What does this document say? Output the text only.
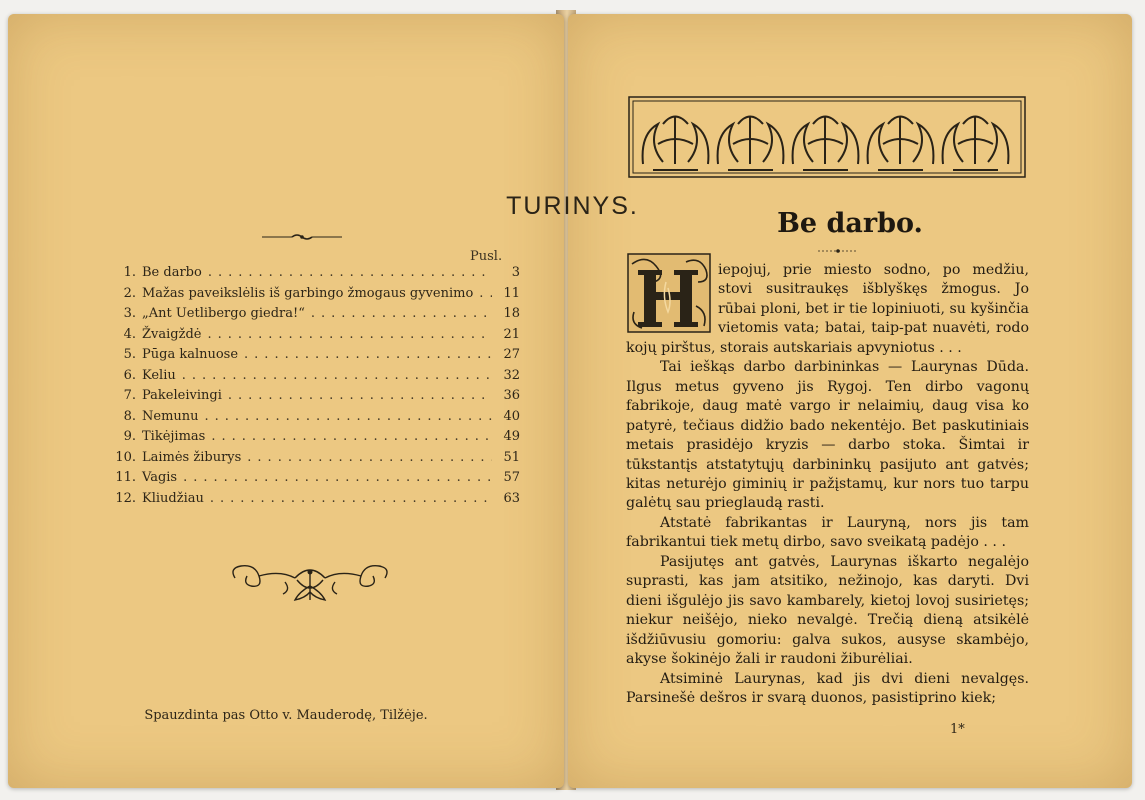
TURINYS.
Pusl.
1. Be darbo .....	3
2. Mažas paveikslėlis iš garbingo žmogaus gyvenimo .....	11
3. „Ant Uetlibergo giedra!“ .....	18
4. Žvaigždė .....	21
5. Pūga kalnuose .....	27
6. Keliu .....	32
7. Pakeleivingi .....	36
8. Nemunu .....	40
9. Tikėjimas .....	49
10. Laimės žiburys .....	51
11. Vagis .....	57
12. Kliudžiau .....	63
Spauzdinta pas Otto v. Mauderodę, Tilžėje.
Be darbo.

iepojuj, prie miesto sodno, po medžiu, stovi susitraukęs išblyškęs žmogus. Jo rūbai ploni, bet ir tie lopiniuoti, su kyšinčia vietomis vata; batai, taip-pat nuavėti, rodo kojų pirštus, storais autskariais apvyniotus . . .

Tai ieškąs darbo darbininkas — Laurynas Dūda. Ilgus metus gyveno jis Rygoj. Ten dirbo vagonų fabrikoje, daug matė vargo ir nelaimių, daug visa ko patyrė, tečiaus didžio bado nekentėjo. Bet paskutiniais metais prasidėjo kryzis — darbo stoka. Šimtai ir tūkstantįs atstatytųjų darbininkų pasijuto ant gatvės; kitas neturėjo giminių ir pažįstamų, kur nors tuo tarpu galėtų sau prieglaudą rasti.

Atstatė fabrikantas ir Lauryną, nors jis tam fabrikantui tiek metų dirbo, savo sveikatą padėjo . . .

Pasijutęs ant gatvės, Laurynas iškarto negalėjo suprasti, kas jam atsitiko, nežinojo, kas daryti. Dvi dieni išgulėjo jis savo kambarely, kietoj lovoj susirietęs; niekur neišėjo, nieko nevalgė. Trečią dieną atsikėlė išdžiūvusiu gomoriu: galva sukos, ausyse skambėjo, akyse šokinėjo žali ir raudoni žiburėliai.

Atsiminė Laurynas, kad jis dvi dieni nevalgęs. Parsinešė dešros ir svarą duonos, pasistiprino kiek;

1*
